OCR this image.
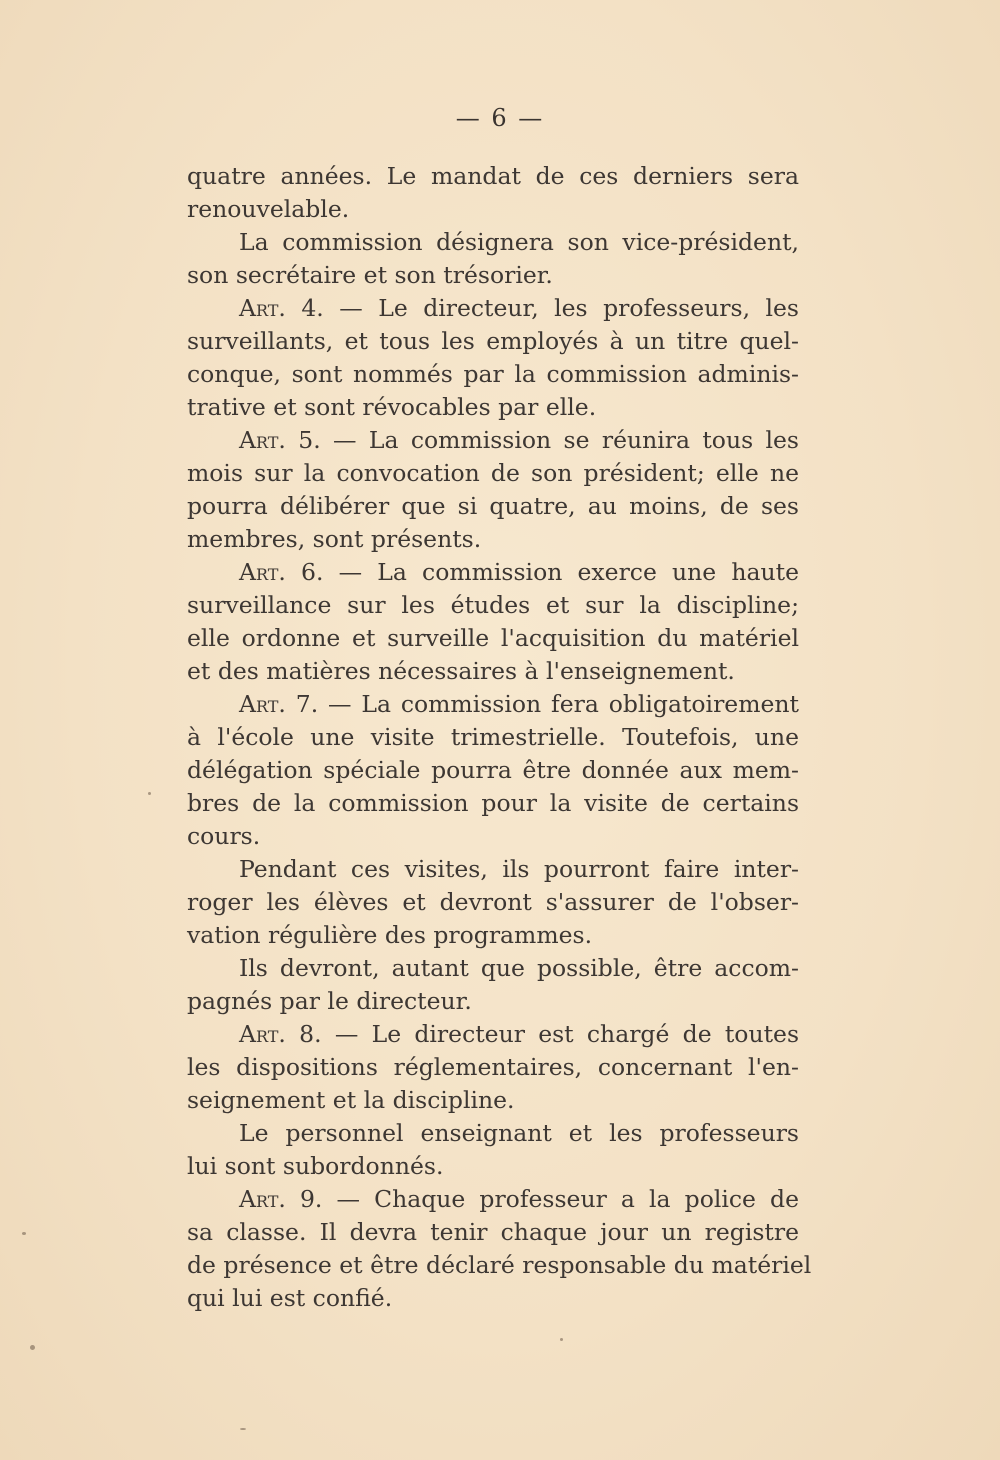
— 6 —
quatre années. Le mandat de ces derniers sera
renouvelable.
La commission désignera son vice-président,
son secrétaire et son trésorier.
Art. 4. — Le directeur, les professeurs, les
surveillants, et tous les employés à un titre quel-
conque, sont nommés par la commission adminis-
trative et sont révocables par elle.
Art. 5. — La commission se réunira tous les
mois sur la convocation de son président; elle ne
pourra délibérer que si quatre, au moins, de ses
membres, sont présents.
Art. 6. — La commission exerce une haute
surveillance sur les études et sur la discipline;
elle ordonne et surveille l'acquisition du matériel
et des matières nécessaires à l'enseignement.
Art. 7. — La commission fera obligatoirement
à l'école une visite trimestrielle. Toutefois, une
délégation spéciale pourra être donnée aux mem-
bres de la commission pour la visite de certains
cours.
Pendant ces visites, ils pourront faire inter-
roger les élèves et devront s'assurer de l'obser-
vation régulière des programmes.
Ils devront, autant que possible, être accom-
pagnés par le directeur.
Art. 8. — Le directeur est chargé de toutes
les dispositions réglementaires, concernant l'en-
seignement et la discipline.
Le personnel enseignant et les professeurs
lui sont subordonnés.
Art. 9. — Chaque professeur a la police de
sa classe. Il devra tenir chaque jour un registre
de présence et être déclaré responsable du matériel
qui lui est confié.
